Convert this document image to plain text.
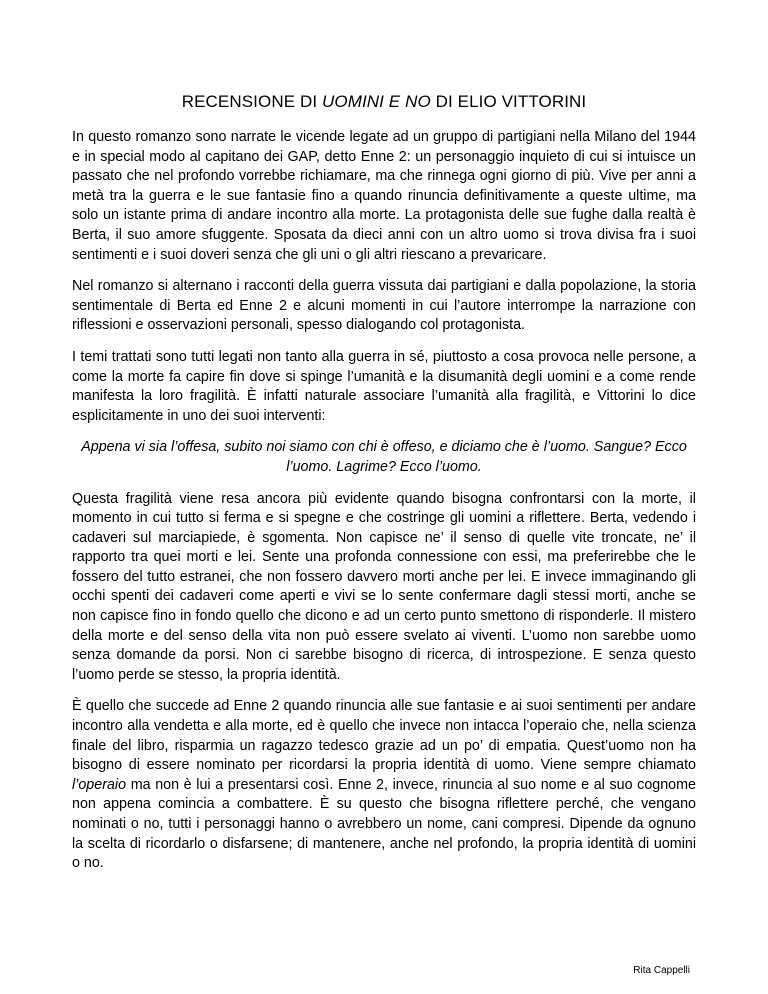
RECENSIONE DI UOMINI E NO DI ELIO VITTORINI

In questo romanzo sono narrate le vicende legate ad un gruppo di partigiani nella Milano del 1944 e in special modo al capitano dei GAP, detto Enne 2: un personaggio inquieto di cui si intuisce un passato che nel profondo vorrebbe richiamare, ma che rinnega ogni giorno di più. Vive per anni a metà tra la guerra e le sue fantasie fino a quando rinuncia definitivamente a queste ultime, ma solo un istante prima di andare incontro alla morte. La protagonista delle sue fughe dalla realtà è Berta, il suo amore sfuggente. Sposata da dieci anni con un altro uomo si trova divisa fra i suoi sentimenti e i suoi doveri senza che gli uni o gli altri riescano a prevaricare.

Nel romanzo si alternano i racconti della guerra vissuta dai partigiani e dalla popolazione, la storia sentimentale di Berta ed Enne 2 e alcuni momenti in cui l’autore interrompe la narrazione con riflessioni e osservazioni personali, spesso dialogando col protagonista.

I temi trattati sono tutti legati non tanto alla guerra in sé, piuttosto a cosa provoca nelle persone, a come la morte fa capire fin dove si spinge l’umanità e la disumanità degli uomini e a come rende manifesta la loro fragilità. È infatti naturale associare l’umanità alla fragilità, e Vittorini lo dice esplicitamente in uno dei suoi interventi:

Appena vi sia l’offesa, subito noi siamo con chi è offeso, e diciamo che è l’uomo. Sangue? Ecco l’uomo. Lagrime? Ecco l’uomo.

Questa fragilità viene resa ancora più evidente quando bisogna confrontarsi con la morte, il momento in cui tutto si ferma e si spegne e che costringe gli uomini a riflettere. Berta, vedendo i cadaveri sul marciapiede, è sgomenta. Non capisce ne’ il senso di quelle vite troncate, ne’ il rapporto tra quei morti e lei. Sente una profonda connessione con essi, ma preferirebbe che le fossero del tutto estranei, che non fossero davvero morti anche per lei. E invece immaginando gli occhi spenti dei cadaveri come aperti e vivi se lo sente confermare dagli stessi morti, anche se non capisce fino in fondo quello che dicono e ad un certo punto smettono di risponderle. Il mistero della morte e del senso della vita non può essere svelato ai viventi. L’uomo non sarebbe uomo senza domande da porsi. Non ci sarebbe bisogno di ricerca, di introspezione. E senza questo l’uomo perde se stesso, la propria identità.

È quello che succede ad Enne 2 quando rinuncia alle sue fantasie e ai suoi sentimenti per andare incontro alla vendetta e alla morte, ed è quello che invece non intacca l’operaio che, nella scienza finale del libro, risparmia un ragazzo tedesco grazie ad un po’ di empatia. Quest’uomo non ha bisogno di essere nominato per ricordarsi la propria identità di uomo. Viene sempre chiamato l’operaio ma non è lui a presentarsi così. Enne 2, invece, rinuncia al suo nome e al suo cognome non appena comincia a combattere. È su questo che bisogna riflettere perché, che vengano nominati o no, tutti i personaggi hanno o avrebbero un nome, cani compresi. Dipende da ognuno la scelta di ricordarlo o disfarsene; di mantenere, anche nel profondo, la propria identità di uomini o no.

Rita Cappelli
